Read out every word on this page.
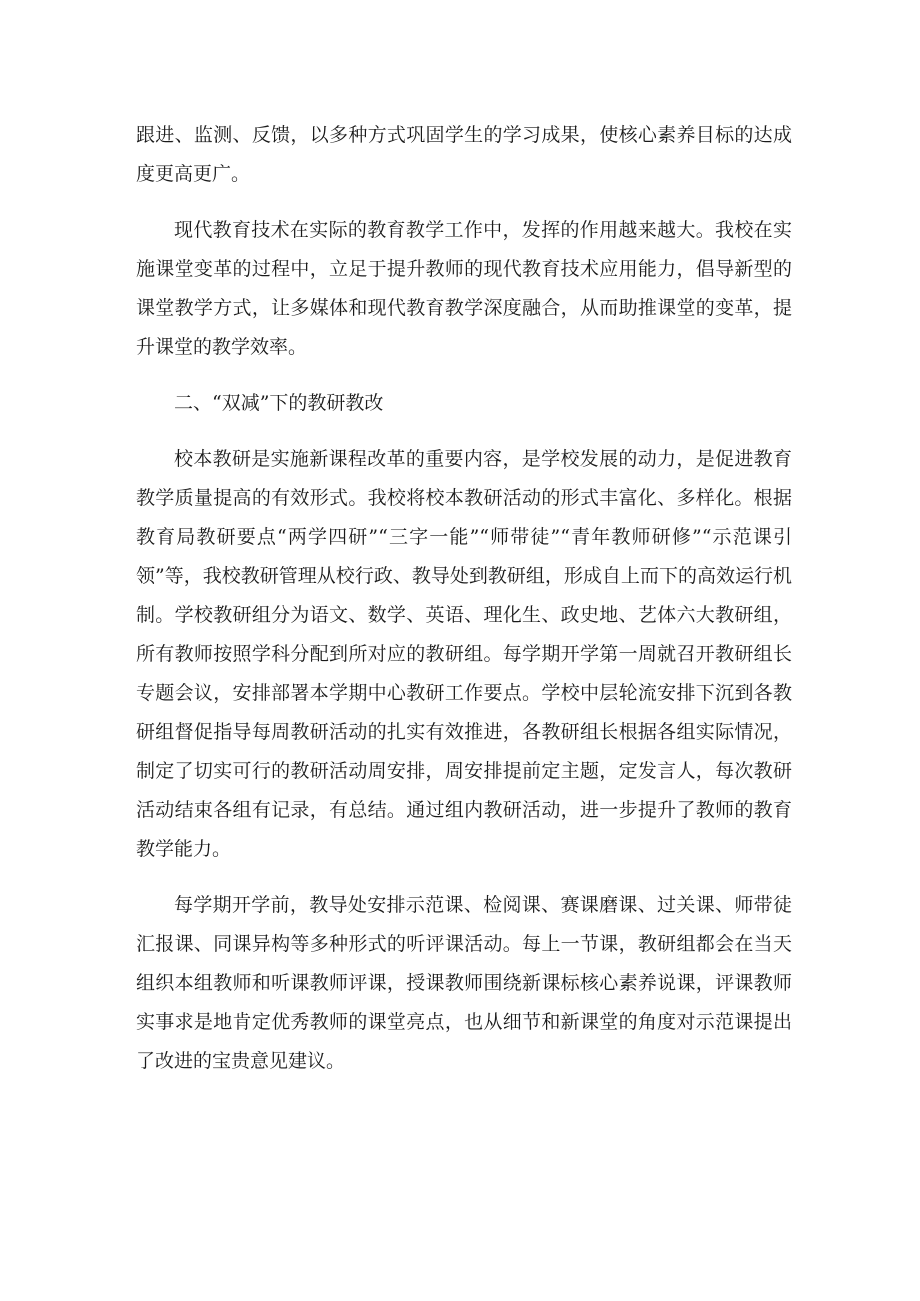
跟进、监测、反馈，以多种方式巩固学生的学习成果，使核心素养目标的达成度更高更广。

现代教育技术在实际的教育教学工作中，发挥的作用越来越大。我校在实施课堂变革的过程中，立足于提升教师的现代教育技术应用能力，倡导新型的课堂教学方式，让多媒体和现代教育教学深度融合，从而助推课堂的变革，提升课堂的教学效率。

二、“双减”下的教研教改

校本教研是实施新课程改革的重要内容，是学校发展的动力，是促进教育教学质量提高的有效形式。我校将校本教研活动的形式丰富化、多样化。根据教育局教研要点“两学四研”“三字一能”“师带徒”“青年教师研修”“示范课引领”等，我校教研管理从校行政、教导处到教研组，形成自上而下的高效运行机制。学校教研组分为语文、数学、英语、理化生、政史地、艺体六大教研组，所有教师按照学科分配到所对应的教研组。每学期开学第一周就召开教研组长专题会议，安排部署本学期中心教研工作要点。学校中层轮流安排下沉到各教研组督促指导每周教研活动的扎实有效推进，各教研组长根据各组实际情况，制定了切实可行的教研活动周安排，周安排提前定主题，定发言人，每次教研活动结束各组有记录，有总结。通过组内教研活动，进一步提升了教师的教育教学能力。

每学期开学前，教导处安排示范课、检阅课、赛课磨课、过关课、师带徒汇报课、同课异构等多种形式的听评课活动。每上一节课，教研组都会在当天组织本组教师和听课教师评课，授课教师围绕新课标核心素养说课，评课教师实事求是地肯定优秀教师的课堂亮点，也从细节和新课堂的角度对示范课提出了改进的宝贵意见建议。
